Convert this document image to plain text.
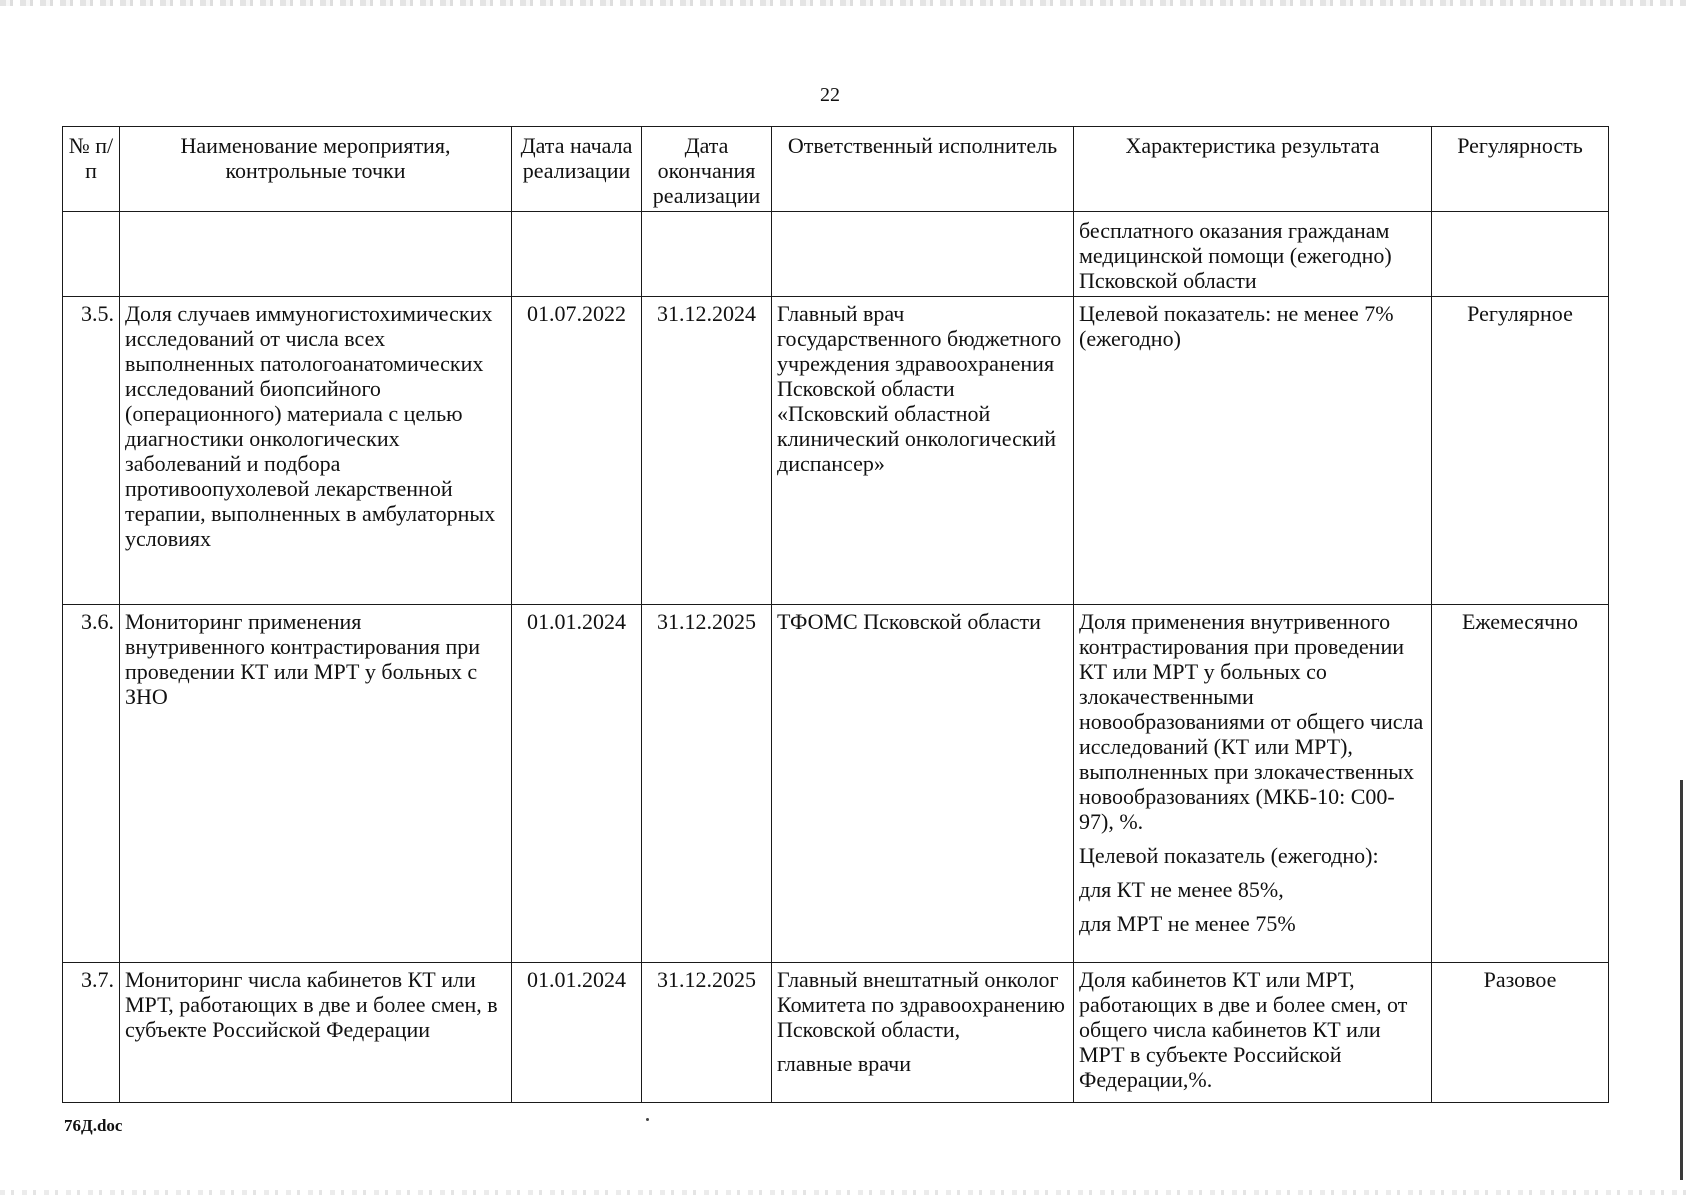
22
№ п/п	Наименование мероприятия, контрольные точки	Дата начала реализации	Дата окончания реализации	Ответственный исполнитель	Характеристика результата	Регулярность

					бесплатного оказания гражданам медицинской помощи (ежегодно) Псковской области	

3.5.	Доля случаев иммуногистохимических исследований от числа всех выполненных патологоанатомических исследований биопсийного (операционного) материала с целью диагностики онкологических заболеваний и подбора противоопухолевой лекарственной терапии, выполненных в амбулаторных условиях	01.07.2022	31.12.2024	Главный врач государственного бюджетного учреждения здравоохранения Псковской области «Псковский областной клинический онкологический диспансер»	Целевой показатель: не менее 7% (ежегодно)	Регулярное
3.6.	Мониторинг применения внутривенного контрастирования при проведении КТ или МРТ у больных с ЗНО	01.01.2024	31.12.2025	ТФОМС Псковской области	Доля применения внутривенного контрастирования при проведении КТ или МРТ у больных со злокачественными новообразованиями от общего числа исследований (КТ или МРТ), выполненных при злокачественных новообразованиях (МКБ-10: С00-97), %.
Целевой показатель (ежегодно):
для КТ не менее 85%,
для МРТ не менее 75%	Ежемесячно
3.7.	Мониторинг числа кабинетов КТ или МРТ, работающих в две и более смен, в субъекте Российской Федерации	01.01.2024	31.12.2025	Главный внештатный онколог Комитета по здравоохранению Псковской области,
главные врачи	Доля кабинетов КТ или МРТ, работающих в две и более смен, от общего числа кабинетов КТ или МРТ в субъекте Российской Федерации,%.	Разовое
76Д.doc
